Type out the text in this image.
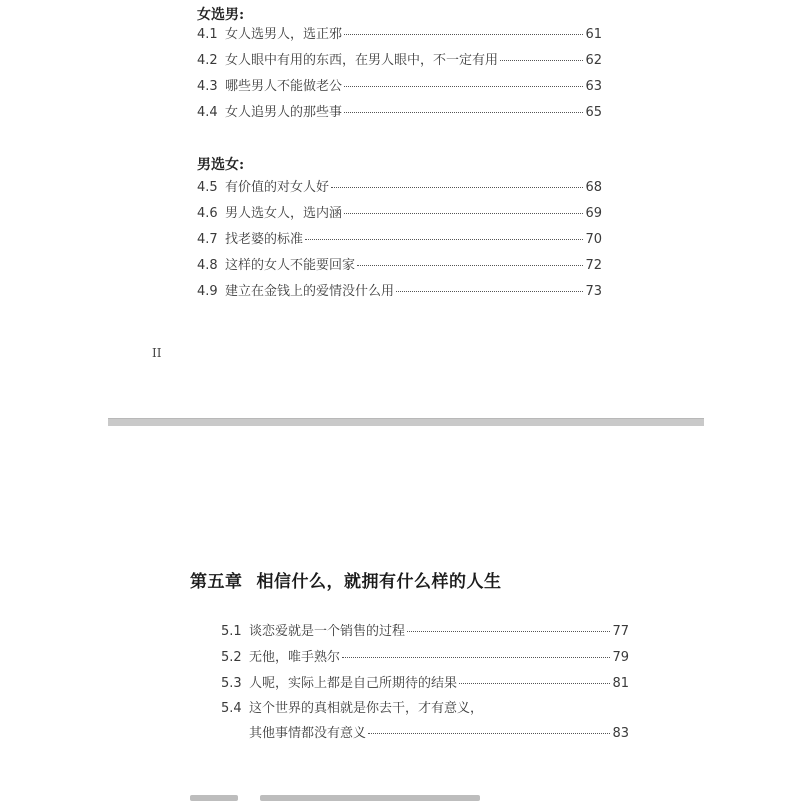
女选男:
4.1 女人选男人，选正邪	61
4.2 女人眼中有用的东西，在男人眼中，不一定有用	62
4.3 哪些男人不能做老公	63
4.4 女人追男人的那些事	65
男选女:
4.5 有价值的对女人好	68
4.6 男人选女人，选内涵	69
4.7 找老婆的标准	70
4.8 这样的女人不能要回家	72
4.9 建立在金钱上的爱情没什么用	73
II
第五章 相信什么，就拥有什么样的人生
5.1 谈恋爱就是一个销售的过程	77
5.2 无他，唯手熟尔	79
5.3 人呢，实际上都是自己所期待的结果	81
5.4 这个世界的真相就是你去干，才有意义，
其他事情都没有意义	83
